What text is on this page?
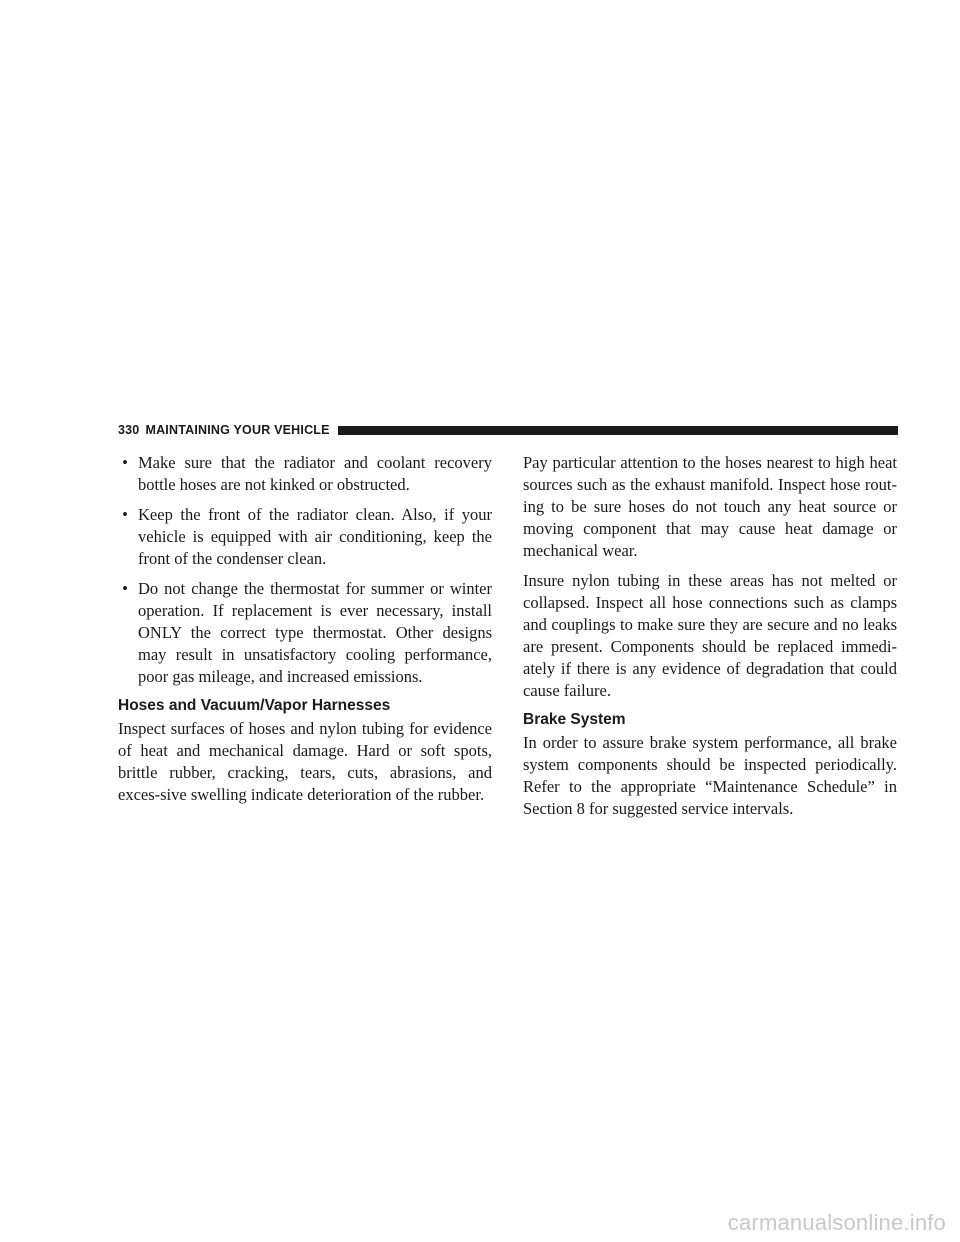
330 MAINTAINING YOUR VEHICLE
• Make sure that the radiator and coolant recovery bottle hoses are not kinked or obstructed.
• Keep the front of the radiator clean. Also, if your vehicle is equipped with air conditioning, keep the front of the condenser clean.
• Do not change the thermostat for summer or winter operation. If replacement is ever necessary, install ONLY the correct type thermostat. Other designs may result in unsatisfactory cooling performance, poor gas mileage, and increased emissions.
Hoses and Vacuum/Vapor Harnesses

Inspect surfaces of hoses and nylon tubing for evidence of heat and mechanical damage. Hard or soft spots, brittle rubber, cracking, tears, cuts, abrasions, and exces-sive swelling indicate deterioration of the rubber.

Pay particular attention to the hoses nearest to high heat sources such as the exhaust manifold. Inspect hose rout-ing to be sure hoses do not touch any heat source or moving component that may cause heat damage or mechanical wear.

Insure nylon tubing in these areas has not melted or collapsed. Inspect all hose connections such as clamps and couplings to make sure they are secure and no leaks are present. Components should be replaced immedi-ately if there is any evidence of degradation that could cause failure.

Brake System

In order to assure brake system performance, all brake system components should be inspected periodically. Refer to the appropriate “Maintenance Schedule” in Section 8 for suggested service intervals.

carmanualsonline.info
